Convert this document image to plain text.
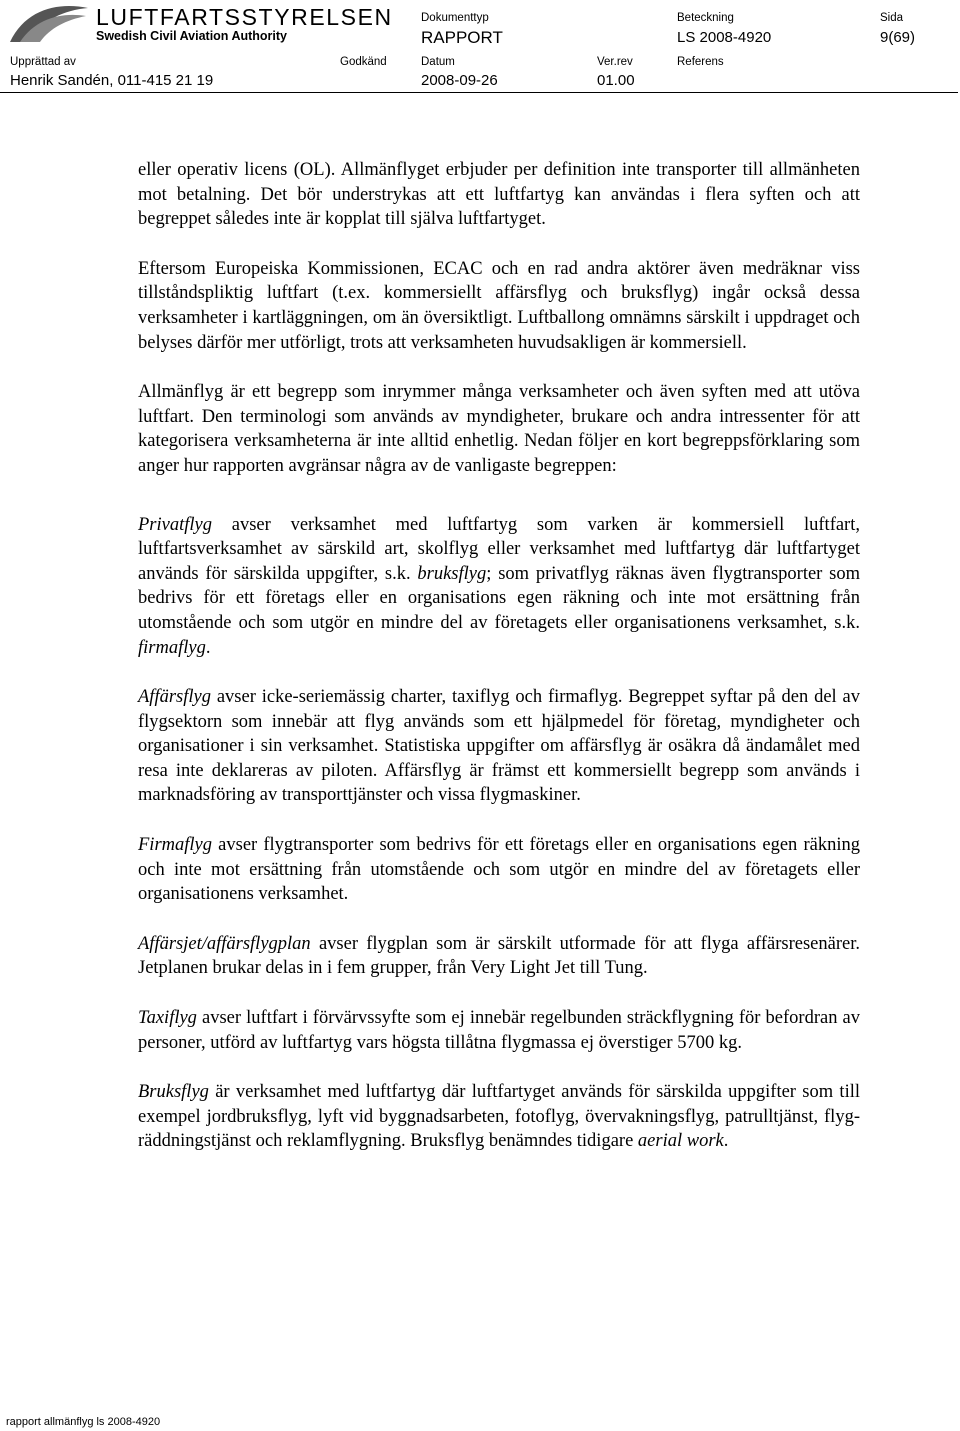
LUFTFARTSSTYRELSEN
Swedish Civil Aviation Authority
Dokumenttyp
RAPPORT
Beteckning
LS 2008-4920
Sida
9(69)
Upprättad av
Henrik Sandén, 011-415 21 19
Godkänd	Datum
2008-09-26
Ver.rev
01.00
Referens

eller operativ licens (OL). Allmänflyget erbjuder per definition inte transporter till allmänheten mot betalning. Det bör understrykas att ett luftfartyg kan användas i flera syften och att begreppet således inte är kopplat till själva luftfartyget.

Eftersom Europeiska Kommissionen, ECAC och en rad andra aktörer även medräknar viss tillståndspliktig luftfart (t.ex. kommersiellt affärsflyg och bruksflyg) ingår också dessa verksamheter i kartläggningen, om än översiktligt. Luftballong omnämns särskilt i uppdraget och belyses därför mer utförligt, trots att verksamheten huvudsakligen är kommersiell.

Allmänflyg är ett begrepp som inrymmer många verksamheter och även syften med att utöva luftfart. Den terminologi som används av myndigheter, brukare och andra intressenter för att kategorisera verksamheterna är inte alltid enhetlig. Nedan följer en kort begreppsförklaring som anger hur rapporten avgränsar några av de vanligaste begreppen:

Privatflyg avser verksamhet med luftfartyg som varken är kommersiell luftfart, luftfartsverksamhet av särskild art, skolflyg eller verksamhet med luftfartyg där luftfartyget används för särskilda uppgifter, s.k. bruksflyg; som privatflyg räknas även flygtransporter som bedrivs för ett företags eller en organisations egen räkning och inte mot ersättning från utomstående och som utgör en mindre del av företagets eller organisationens verksamhet, s.k. firmaflyg.

Affärsflyg avser icke-seriemässig charter, taxiflyg och firmaflyg. Begreppet syftar på den del av flygsektorn som innebär att flyg används som ett hjälpmedel för företag, myndigheter och organisationer i sin verksamhet. Statistiska uppgifter om affärsflyg är osäkra då ändamålet med resa inte deklareras av piloten. Affärsflyg är främst ett kommersiellt begrepp som används i marknadsföring av transporttjänster och vissa flygmaskiner.

Firmaflyg avser flygtransporter som bedrivs för ett företags eller en organisations egen räkning och inte mot ersättning från utomstående och som utgör en mindre del av företagets eller organisationens verksamhet.

Affärsjet/affärsflygplan avser flygplan som är särskilt utformade för att flyga affärsresenärer. Jetplanen brukar delas in i fem grupper, från Very Light Jet till Tung.

Taxiflyg avser luftfart i förvärvssyfte som ej innebär regelbunden sträckflygning för befordran av personer, utförd av luftfartyg vars högsta tillåtna flygmassa ej överstiger 5700 kg.

Bruksflyg är verksamhet med luftfartyg där luftfartyget används för särskilda uppgifter som till exempel jordbruksflyg, lyft vid byggnadsarbeten, fotoflyg, övervakningsflyg, patrulltjänst, flyg-räddningstjänst och reklamflygning. Bruksflyg benämndes tidigare aerial work.

rapport allmänflyg ls 2008-4920
